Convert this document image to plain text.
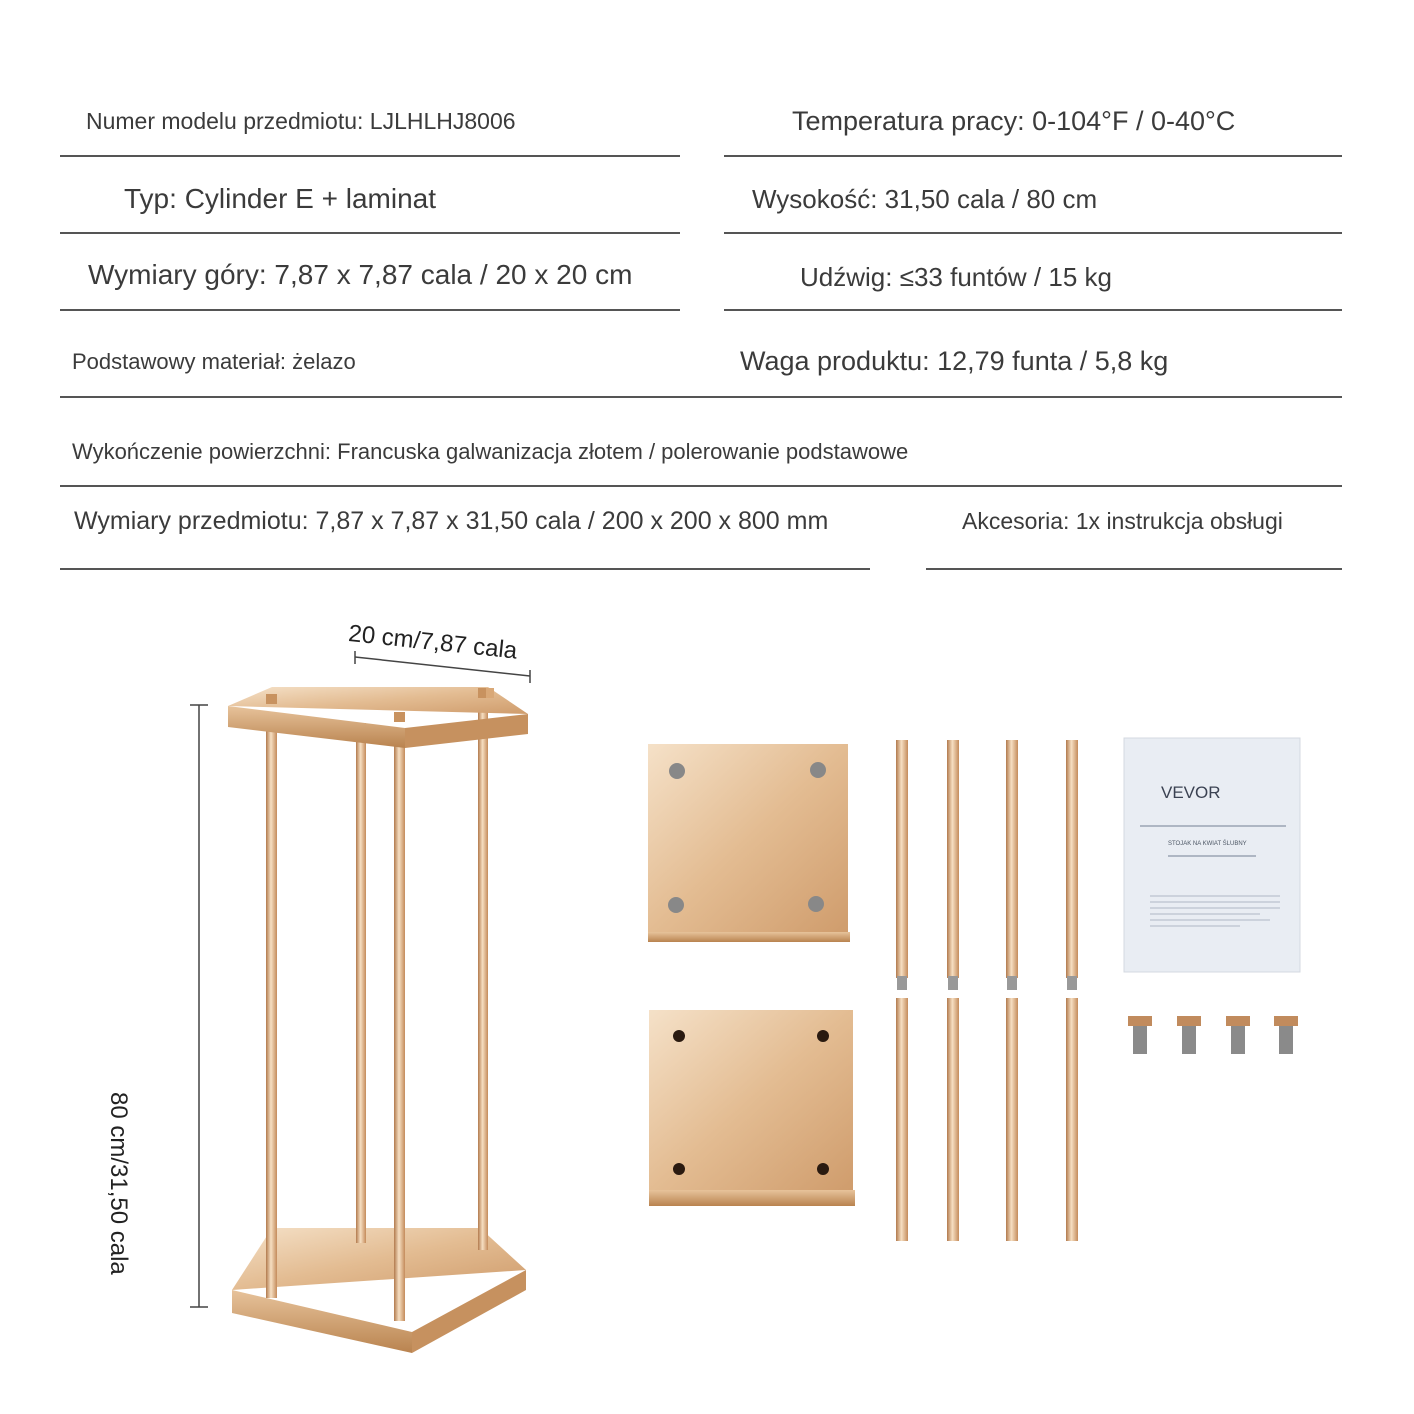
Numer modelu przedmiotu: LJLHLHJ8006	Temperatura pracy: 0-104°F / 0-40°C
Typ: Cylinder E + laminat	Wysokość: 31,50 cala / 80 cm
Wymiary góry: 7,87 x 7,87 cala / 20 x 20 cm	Udźwig: ≤33 funtów / 15 kg
Podstawowy materiał: żelazo	Waga produktu: 12,79 funta / 5,8 kg
Wykończenie powierzchni: Francuska galwanizacja złotem / polerowanie podstawowe
Wymiary przedmiotu: 7,87 x 7,87 x 31,50 cala / 200 x 200 x 800 mm	Akcesoria: 1x instrukcja obsługi
20 cm/7,87 cala
80 cm/31,50 cala
VEVOR
STOJAK NA KWIAT ŚLUBNY
